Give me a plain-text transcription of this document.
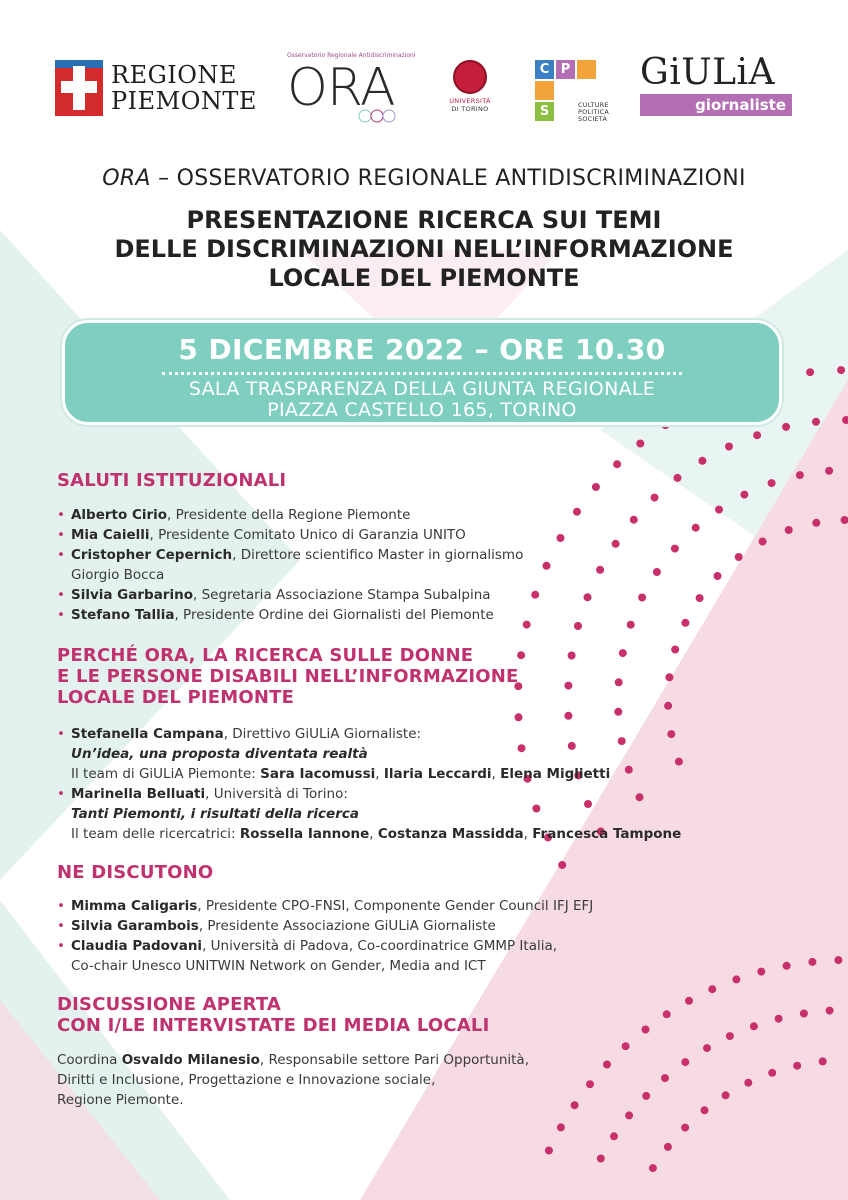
REGIONE
PIEMONTE
Osservatorio Regionale Antidiscriminazioni
ORA	UNIVERSITÀ
DI TORINO
C P
S	CULTURE
POLITICA
SOCIETÀ
GiULiA
giornaliste
ORA – OSSERVATORIO REGIONALE ANTIDISCRIMINAZIONI
PRESENTAZIONE RICERCA SUI TEMI
DELLE DISCRIMINAZIONI NELL’INFORMAZIONE
LOCALE DEL PIEMONTE
5 DICEMBRE 2022 – ORE 10.30
SALA TRASPARENZA DELLA GIUNTA REGIONALE
PIAZZA CASTELLO 165, TORINO
SALUTI ISTITUZIONALI
• Alberto Cirio, Presidente della Regione Piemonte
• Mia Caielli, Presidente Comitato Unico di Garanzia UNITO
• Cristopher Cepernich, Direttore scientifico Master in giornalismo
Giorgio Bocca
• Silvia Garbarino, Segretaria Associazione Stampa Subalpina
• Stefano Tallia, Presidente Ordine dei Giornalisti del Piemonte
PERCHÉ ORA, LA RICERCA SULLE DONNE
E LE PERSONE DISABILI NELL’INFORMAZIONE
LOCALE DEL PIEMONTE
• Stefanella Campana, Direttivo GiULiA Giornaliste:
Un’idea, una proposta diventata realtà
Il team di GiULiA Piemonte: Sara Iacomussi, Ilaria Leccardi, Elena Miglietti
• Marinella Belluati, Università di Torino:
Tanti Piemonti, i risultati della ricerca
Il team delle ricercatrici: Rossella Iannone, Costanza Massidda, Francesca Tampone
NE DISCUTONO
• Mimma Caligaris, Presidente CPO-FNSI, Componente Gender Council IFJ EFJ
• Silvia Garambois, Presidente Associazione GiULiA Giornaliste
• Claudia Padovani, Università di Padova, Co-coordinatrice GMMP Italia,
Co-chair Unesco UNITWIN Network on Gender, Media and ICT
DISCUSSIONE APERTA
CON I/LE INTERVISTATE DEI MEDIA LOCALI
Coordina Osvaldo Milanesio, Responsabile settore Pari Opportunità,
Diritti e Inclusione, Progettazione e Innovazione sociale,
Regione Piemonte.
